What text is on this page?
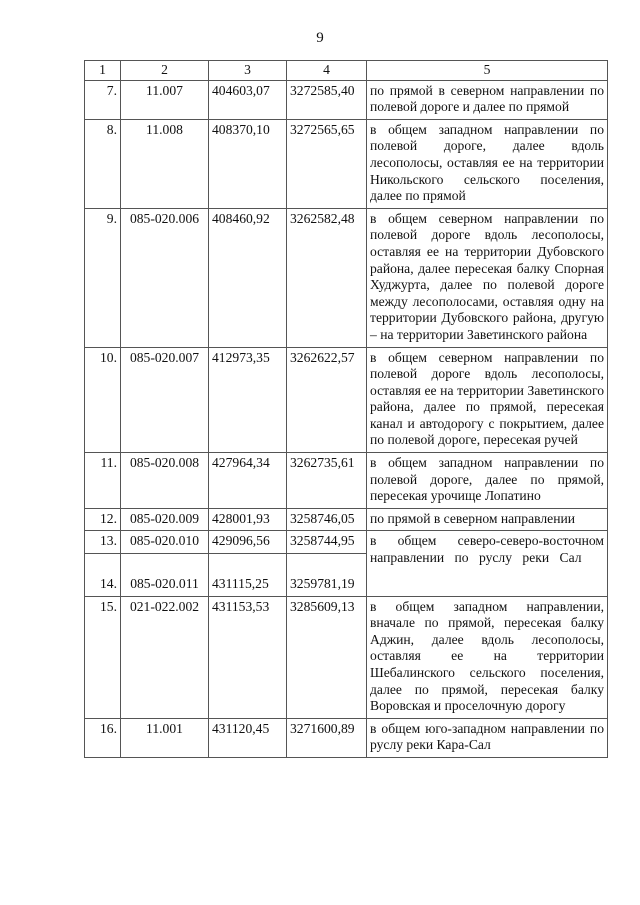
9
1	2	3	4	5
7.	11.007	404603,07	3272585,40	по прямой в северном направлении по полевой дороге и далее по прямой
8.	11.008	408370,10	3272565,65	в общем западном направлении по полевой дороге, далее вдоль лесополосы, оставляя ее на территории Никольского сельского поселения, далее по прямой
9.	085-020.006	408460,92	3262582,48	в общем северном направлении по полевой дороге вдоль лесополосы, оставляя ее на территории Дубовского района, далее пересекая балку Спорная Худжурта, далее по полевой дороге между лесополосами, оставляя одну на территории Дубовского района, другую – на территории Заветинского района
10.	085-020.007	412973,35	3262622,57	в общем северном направлении по полевой дороге вдоль лесополосы, оставляя ее на территории Заветинского района, далее по прямой, пересекая канал и автодорогу с покрытием, далее по полевой дороге, пересекая ручей
11.	085-020.008	427964,34	3262735,61	в общем западном направлении по полевой дороге, далее по прямой, пересекая урочище Лопатино
12.	085-020.009	428001,93	3258746,05	по прямой в северном направлении
13.	085-020.010	429096,56	3258744,95	в общем северо-северо-восточном направлении по руслу реки Сал
14.	085-020.011	431115,25	3259781,19	
15.	021-022.002	431153,53	3285609,13	в общем западном направлении, вначале по прямой, пересекая балку Аджин, далее вдоль лесополосы, оставляя ее на территории Шебалинского сельского поселения, далее по прямой, пересекая балку Воровская и проселочную дорогу
16.	11.001	431120,45	3271600,89	в общем юго-западном направлении по руслу реки Кара-Сал
